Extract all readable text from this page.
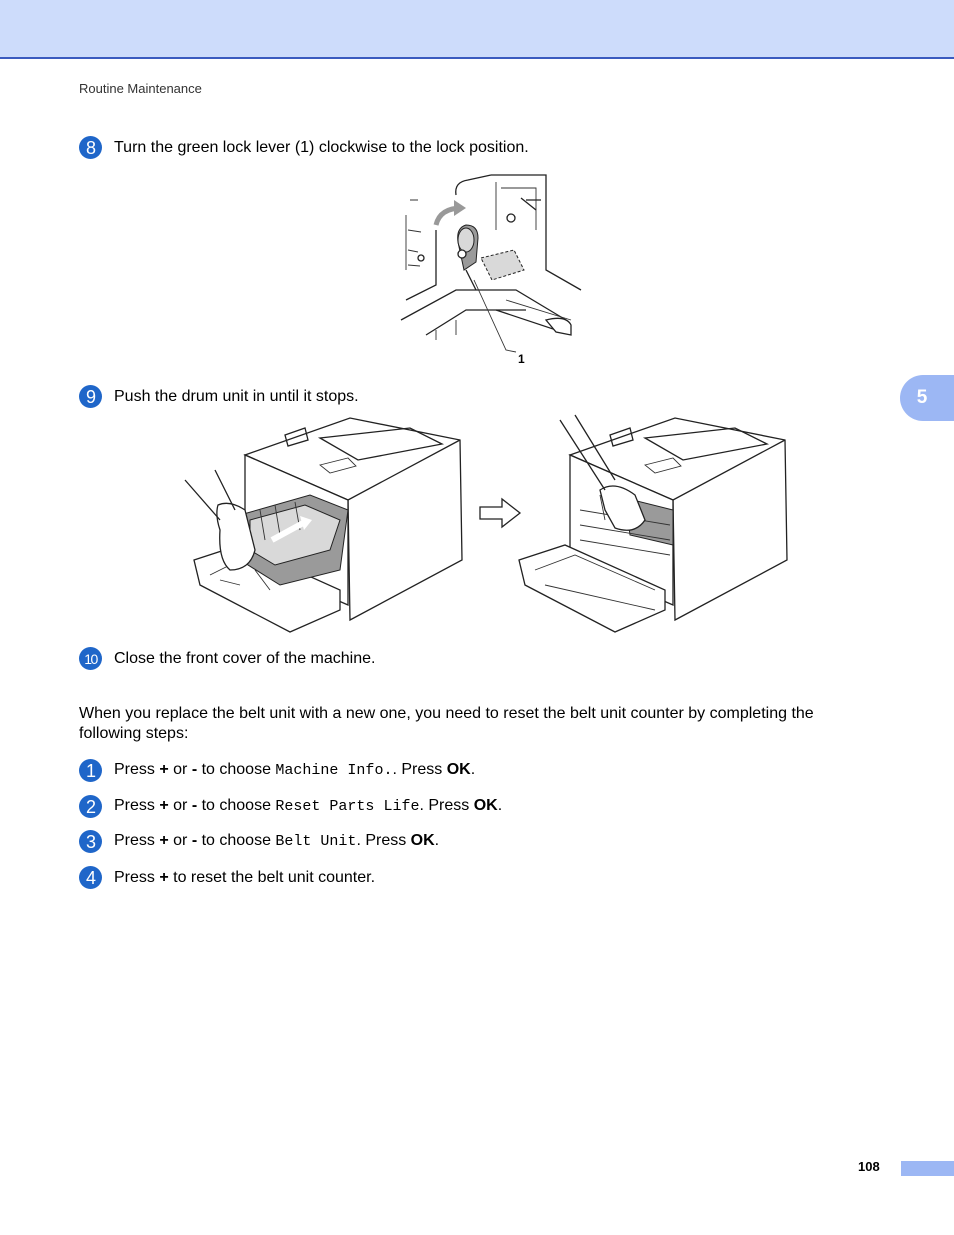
Routine Maintenance
8	Turn the green lock lever (1) clockwise to the lock position.
1
9	Push the drum unit in until it stops.	5
10	Close the front cover of the machine.
When you replace the belt unit with a new one, you need to reset the belt unit counter by completing the following steps:
1	Press + or - to choose Machine Info.. Press OK.
2	Press + or - to choose Reset Parts Life. Press OK.
3	Press + or - to choose Belt Unit. Press OK.
4	Press + to reset the belt unit counter.
108
